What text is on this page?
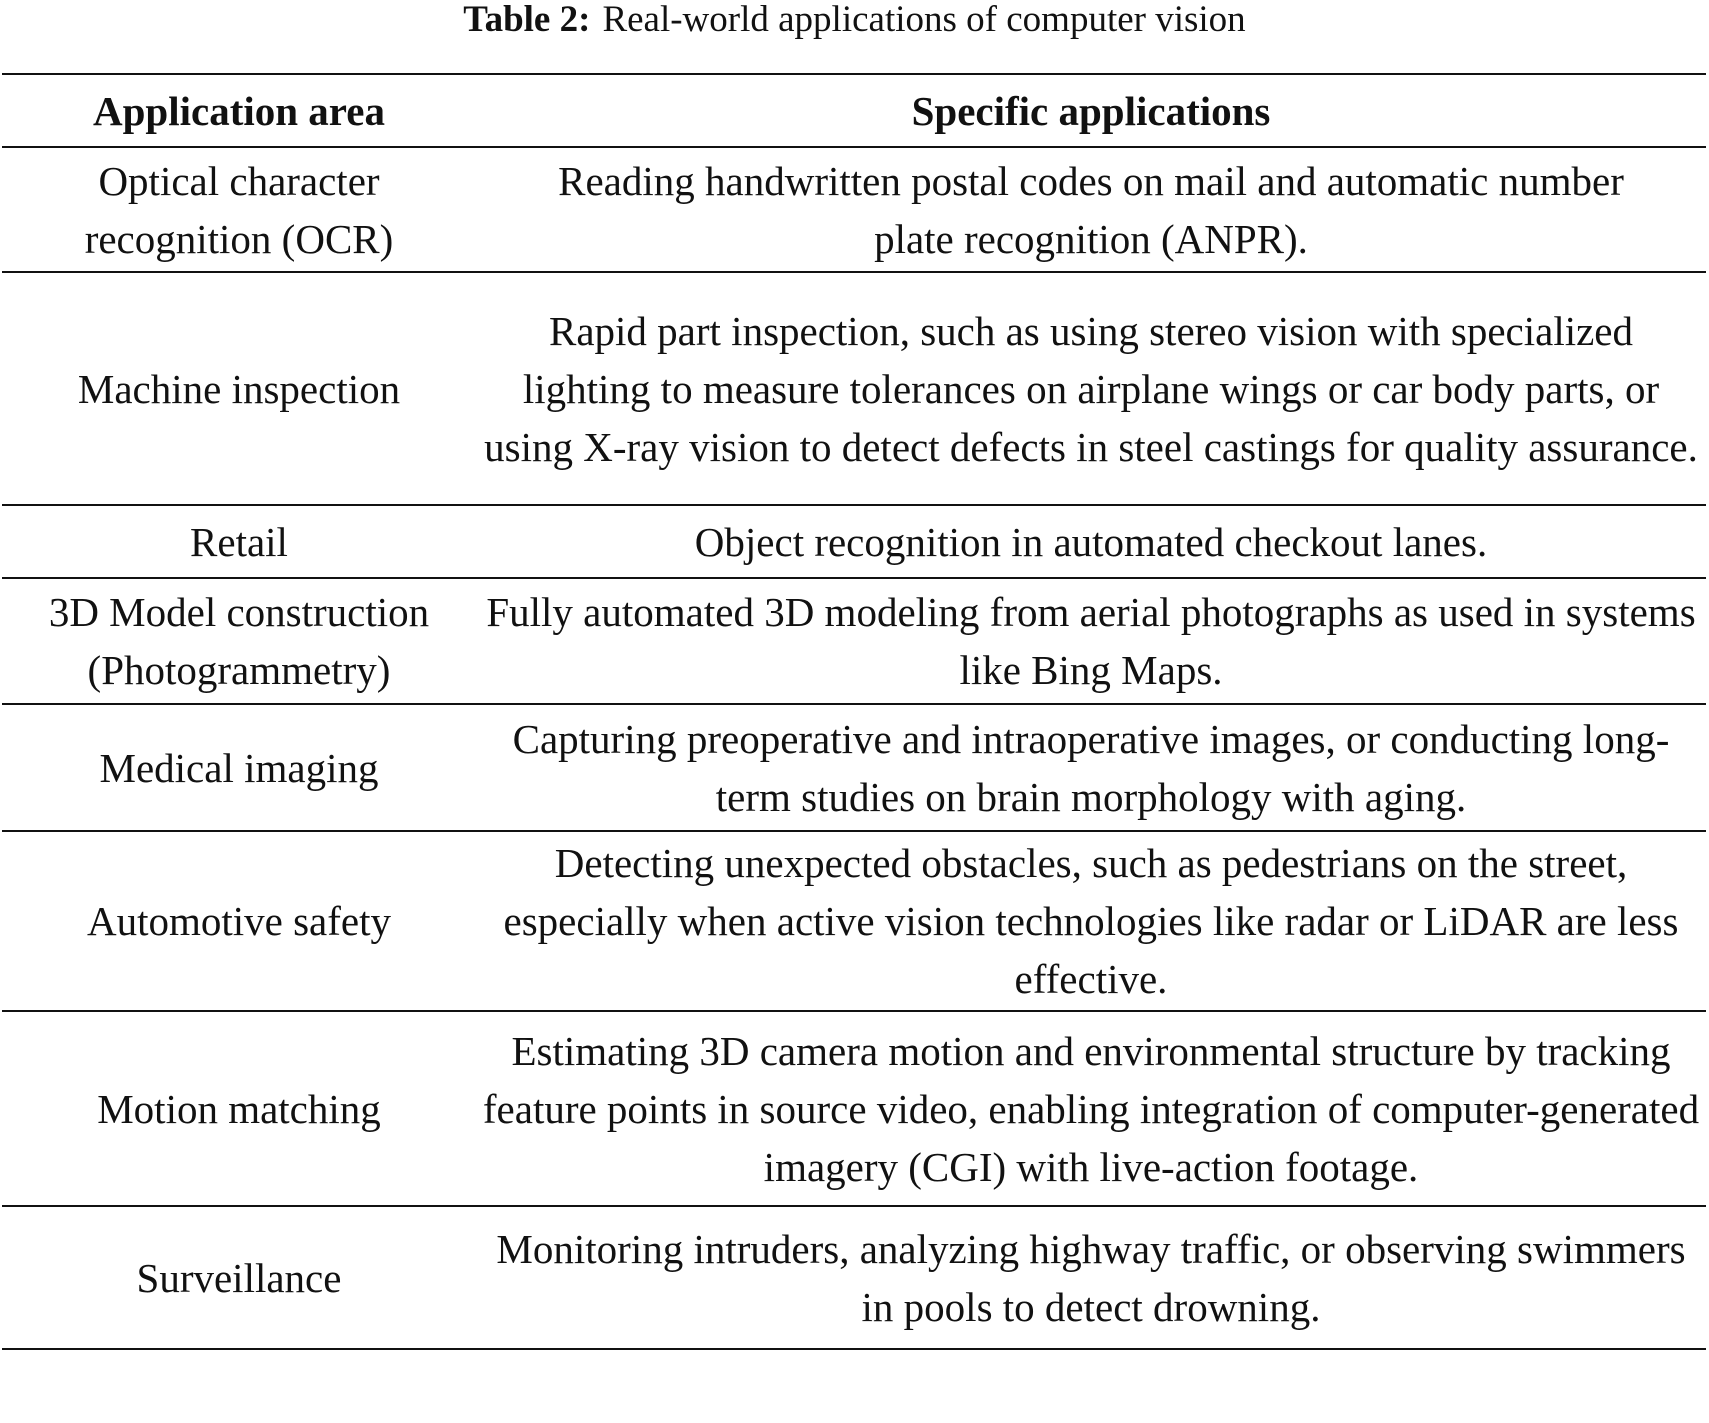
Table 2: Real-world applications of computer vision
Application area	Specific applications
Optical character recognition (OCR)	Reading handwritten postal codes on mail and automatic number plate recognition (ANPR).
Machine inspection	Rapid part inspection, such as using stereo vision with specialized lighting to measure tolerances on airplane wings or car body parts, or using X-ray vision to detect defects in steel castings for quality assurance.
Retail	Object recognition in automated checkout lanes.
3D Model construction (Photogrammetry)	Fully automated 3D modeling from aerial photographs as used in systems like Bing Maps.
Medical imaging	Capturing preoperative and intraoperative images, or conducting long-term studies on brain morphology with aging.
Automotive safety	Detecting unexpected obstacles, such as pedestrians on the street, especially when active vision technologies like radar or LiDAR are less effective.
Motion matching	Estimating 3D camera motion and environmental structure by tracking feature points in source video, enabling integration of computer-generated imagery (CGI) with live-action footage.
Surveillance	Monitoring intruders, analyzing highway traffic, or observing swimmers in pools to detect drowning.
